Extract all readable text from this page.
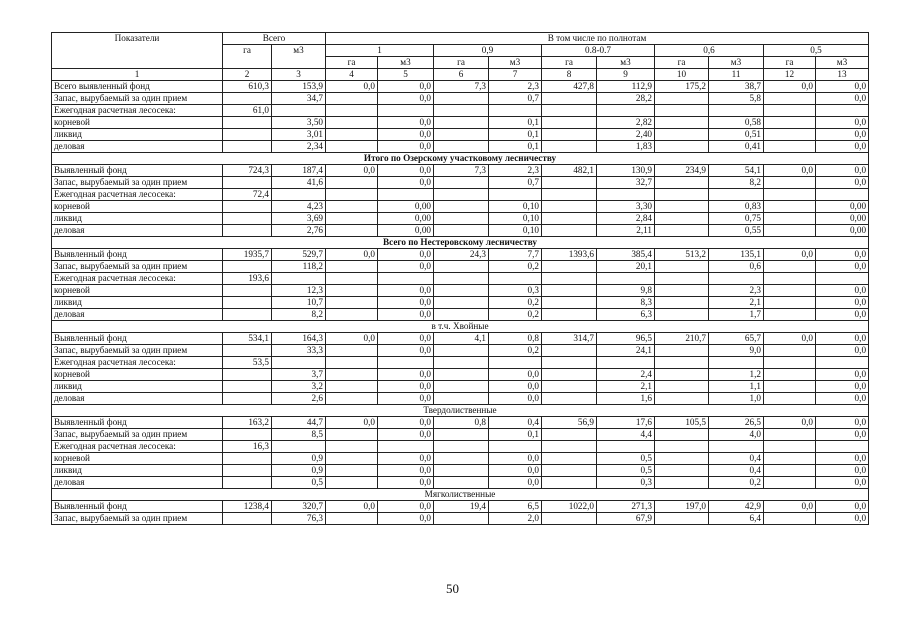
Показатели	Всего		В том числе по полнотам									
	га	м3	1		0,9		0.8-0.7		0,6		0,5	
			га	м3	га	м3	га	м3	га	м3	га	м3
1	2	3	4	5	6	7	8	9	10	11	12	13
Всего выявленный фонд	610,3	153,9	0,0	0,0	7,3	2,3	427,8	112,9	175,2	38,7	0,0	0,0
Запас, вырубаемый за один прием		34,7		0,0		0,7		28,2		5,8		0,0
Ежегодная расчетная лесосека:	61,0											
корневой		3,50		0,0		0,1		2,82		0,58		0,0
ликвид		3,01		0,0		0,1		2,40		0,51		0,0
деловая		2,34		0,0		0,1		1,83		0,41		0,0
Итого по Озерскому участковому лесничеству												
Выявленный фонд	724,3	187,4	0,0	0,0	7,3	2,3	482,1	130,9	234,9	54,1	0,0	0,0
Запас, вырубаемый за один прием		41,6		0,0		0,7		32,7		8,2		0,0
Ежегодная расчетная лесосека:	72,4											
корневой		4,23		0,00		0,10		3,30		0,83		0,00
ликвид		3,69		0,00		0,10		2,84		0,75		0,00
деловая		2,76		0,00		0,10		2,11		0,55		0,00
Всего по Нестеровскому лесничеству												
Выявленный фонд	1935,7	529,7	0,0	0,0	24,3	7,7	1393,6	385,4	513,2	135,1	0,0	0,0
Запас, вырубаемый за один прием		118,2		0,0		0,2		20,1		0,6		0,0
Ежегодная расчетная лесосека:	193,6											
корневой		12,3		0,0		0,3		9,8		2,3		0,0
ликвид		10,7		0,0		0,2		8,3		2,1		0,0
деловая		8,2		0,0		0,2		6,3		1,7		0,0
в т.ч. Хвойные												
Выявленный фонд	534,1	164,3	0,0	0,0	4,1	0,8	314,7	96,5	210,7	65,7	0,0	0,0
Запас, вырубаемый за один прием		33,3		0,0		0,2		24,1		9,0		0,0
Ежегодная расчетная лесосека:	53,5											
корневой		3,7		0,0		0,0		2,4		1,2		0,0
ликвид		3,2		0,0		0,0		2,1		1,1		0,0
деловая		2,6		0,0		0,0		1,6		1,0		0,0
Твердолиственные												
Выявленный фонд	163,2	44,7	0,0	0,0	0,8	0,4	56,9	17,6	105,5	26,5	0,0	0,0
Запас, вырубаемый за один прием		8,5		0,0		0,1		4,4		4,0		0,0
Ежегодная расчетная лесосека:	16,3											
корневой		0,9		0,0		0,0		0,5		0,4		0,0
ликвид		0,9		0,0		0,0		0,5		0,4		0,0
деловая		0,5		0,0		0,0		0,3		0,2		0,0
Мягколиственные												
Выявленный фонд	1238,4	320,7	0,0	0,0	19,4	6,5	1022,0	271,3	197,0	42,9	0,0	0,0
Запас, вырубаемый за один прием		76,3		0,0		2,0		67,9		6,4		0,0
50
